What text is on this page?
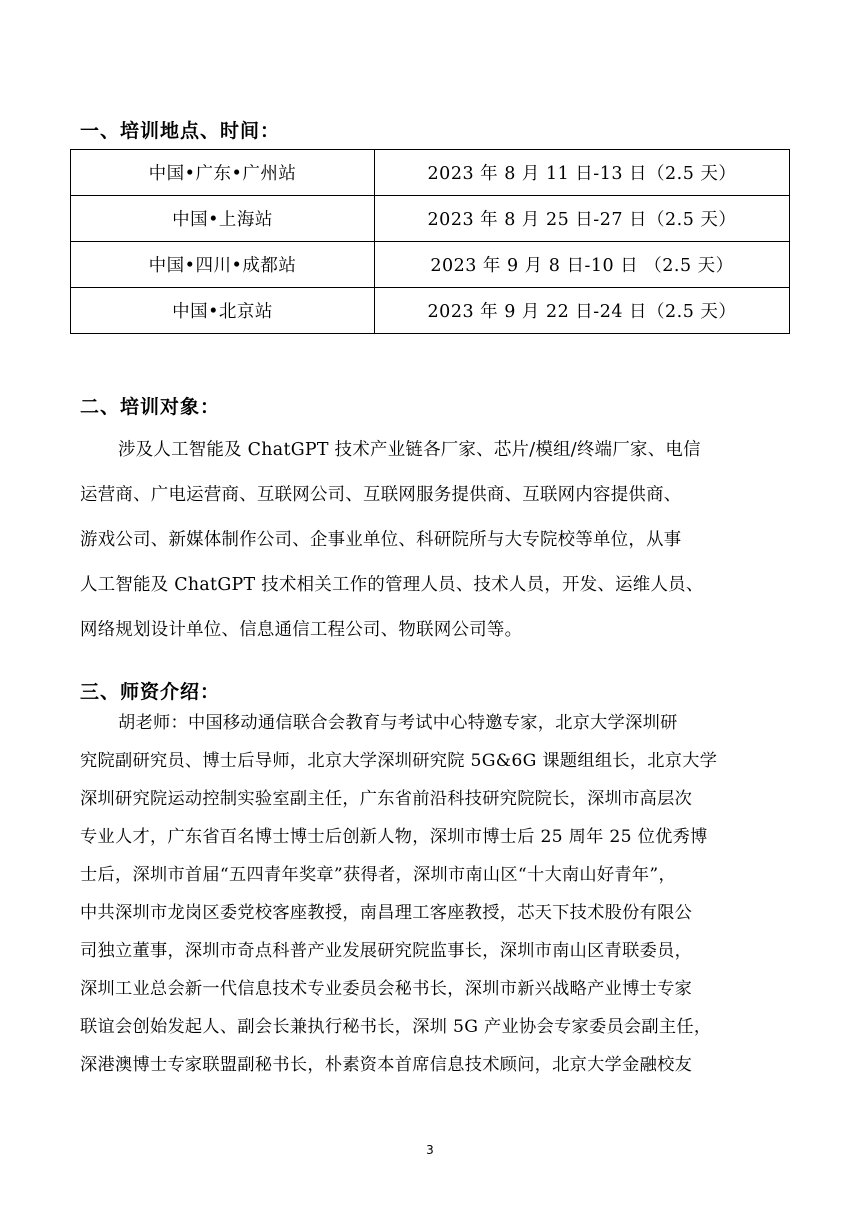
一、培训地点、时间：
中国•广东•广州站	2023 年 8 月 11 日-13 日（2.5 天）
中国•上海站	2023 年 8 月 25 日-27 日（2.5 天）
中国•四川•成都站	2023 年 9 月 8 日-10 日 （2.5 天）
中国•北京站	2023 年 9 月 22 日-24 日（2.5 天）
二、培训对象：
涉及人工智能及 ChatGPT 技术产业链各厂家、芯片/模组/终端厂家、电信
运营商、广电运营商、互联网公司、互联网服务提供商、互联网内容提供商、
游戏公司、新媒体制作公司、企事业单位、科研院所与大专院校等单位，从事
人工智能及 ChatGPT 技术相关工作的管理人员、技术人员，开发、运维人员、
网络规划设计单位、信息通信工程公司、物联网公司等。
三、师资介绍：
胡老师：中国移动通信联合会教育与考试中心特邀专家，北京大学深圳研
究院副研究员、博士后导师，北京大学深圳研究院 5G&6G 课题组组长，北京大学
深圳研究院运动控制实验室副主任，广东省前沿科技研究院院长，深圳市高层次
专业人才，广东省百名博士博士后创新人物，深圳市博士后 25 周年 25 位优秀博
士后，深圳市首届“五四青年奖章”获得者，深圳市南山区“十大南山好青年”，
中共深圳市龙岗区委党校客座教授，南昌理工客座教授，芯天下技术股份有限公
司独立董事，深圳市奇点科普产业发展研究院监事长，深圳市南山区青联委员，
深圳工业总会新一代信息技术专业委员会秘书长，深圳市新兴战略产业博士专家
联谊会创始发起人、副会长兼执行秘书长，深圳 5G 产业协会专家委员会副主任，
深港澳博士专家联盟副秘书长，朴素资本首席信息技术顾问，北京大学金融校友
3
